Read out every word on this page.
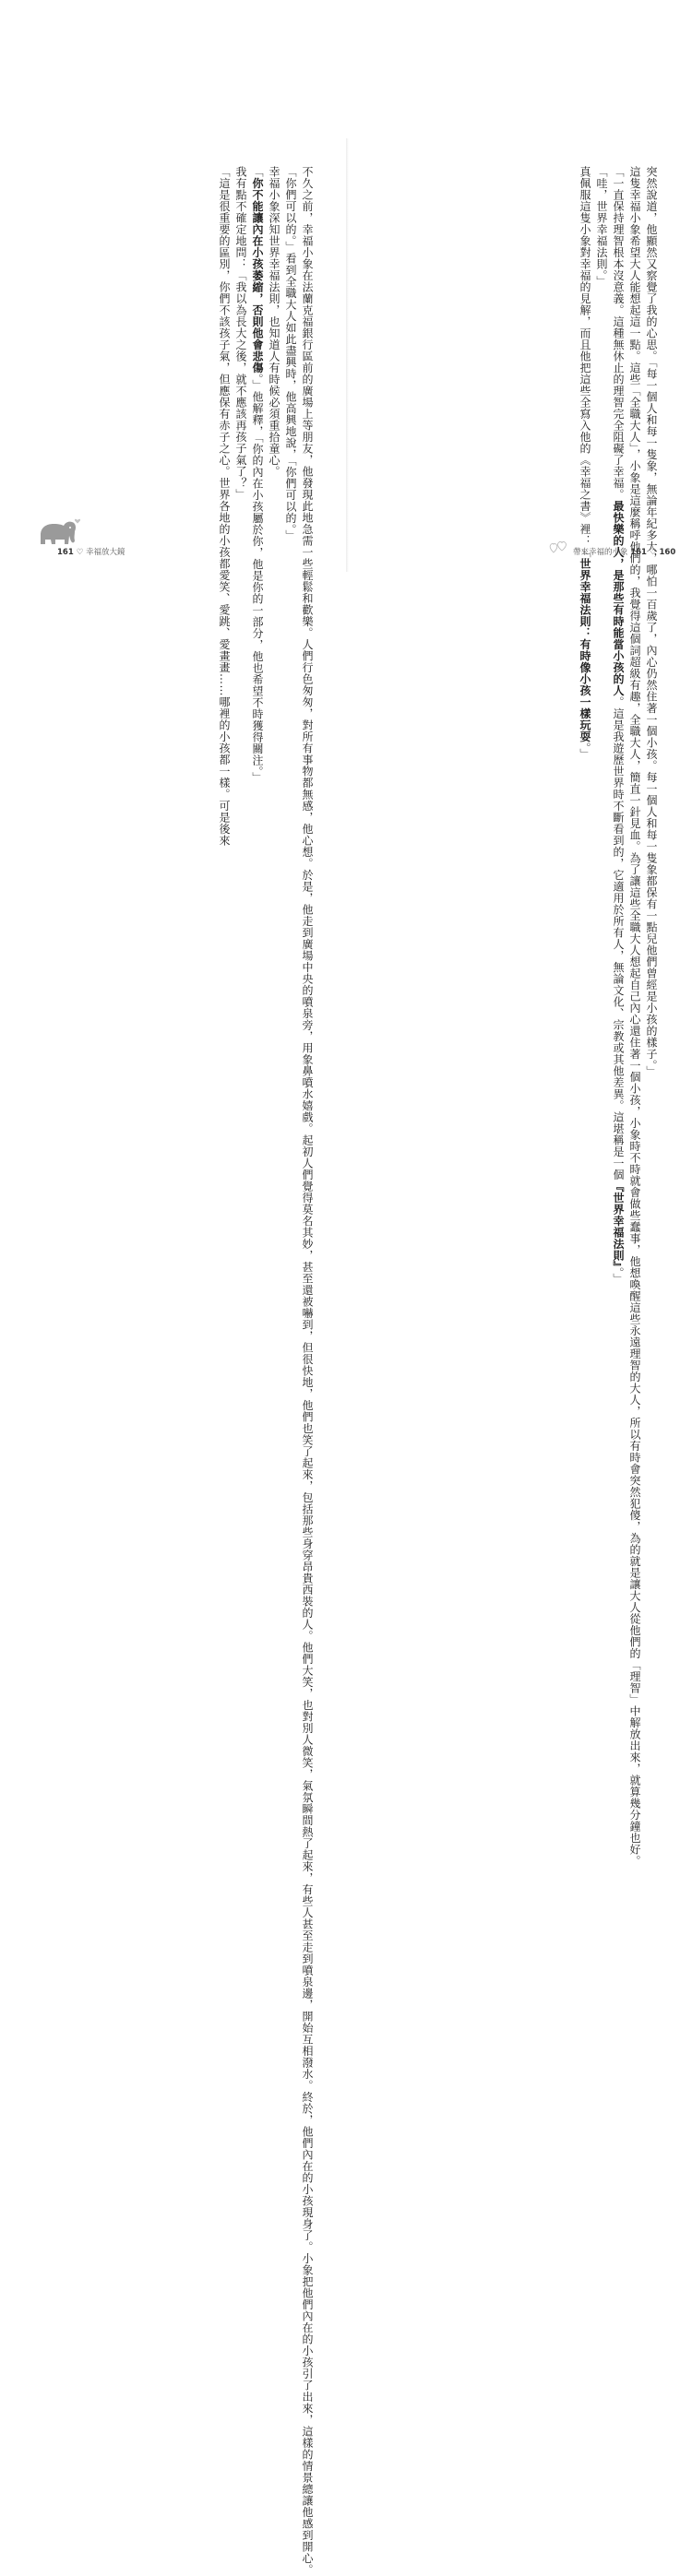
突然說道，他顯然又察覺了我的心思。「每一個人和每一隻象，無論年紀多大，哪怕一百歲了，內心仍然住著一個小孩。每一個人和每一隻象都保有一點兒他們曾經是小孩的樣子。」

這隻幸福小象希望大人能想起這一點。這些「全職大人」，小象是這麼稱呼他們的，我覺得這個詞超級有趣，全職大人，簡直一針見血。為了讓這些全職大人想起自己內心還住著一個小孩，小象時不時就會做些蠢事，他想喚醒這些永遠理智的大人，所以有時會突然犯傻，為的就是讓大人從他們的「理智」中解放出來，就算幾分鐘也好。

「一直保持理智根本沒意義。這種無休止的理智完全阻礙了幸福。最快樂的人，是那些有時能當小孩的人。這是我遊歷世界時不斷看到的，它適用於所有人，無論文化、宗教或其他差異。這堪稱是一個『世界幸福法則』。」

「哇，世界幸福法則。」

真佩服這隻小象對幸福的見解，而且他把這些全寫入他的《幸福之書》裡：「世界幸福法則：有時像小孩一樣玩耍。」

帶來幸福的小象 161 ♡ 160

不久之前，幸福小象在法蘭克福銀行區前的廣場上等朋友，他發現此地急需一些輕鬆和歡樂。人們行色匆匆，對所有事物都無感，他心想。於是，他走到廣場中央的噴泉旁，用象鼻噴水嬉戲。起初人們覺得莫名其妙，甚至還被嚇到，但很快地，他們也笑了起來，包括那些身穿昂貴西裝的人。他們大笑，也對別人微笑，氣氛瞬間熱了起來，有些人甚至走到噴泉邊，開始互相潑水。終於，他們內在的小孩現身了。小象把他們內在的小孩引了出來，這樣的情景總讓他感到開心。

「你們可以的。」看到全職大人如此盡興時，他高興地說，「你們可以的。」

幸福小象深知世界幸福法則，也知道人有時候必須重拾童心。

「你不能讓內在小孩萎縮，否則他會悲傷。」他解釋，「你的內在小孩屬於你，他是你的一部分，他也希望不時獲得關注。」

我有點不確定地問：「我以為長大之後，就不應該再孩子氣了？」

「這是很重要的區別，你們不該孩子氣，但應保有赤子之心。世界各地的小孩都愛笑、愛跳、愛畫畫……哪裡的小孩都一樣。可是後來

161 ♡ 幸福放大鏡
